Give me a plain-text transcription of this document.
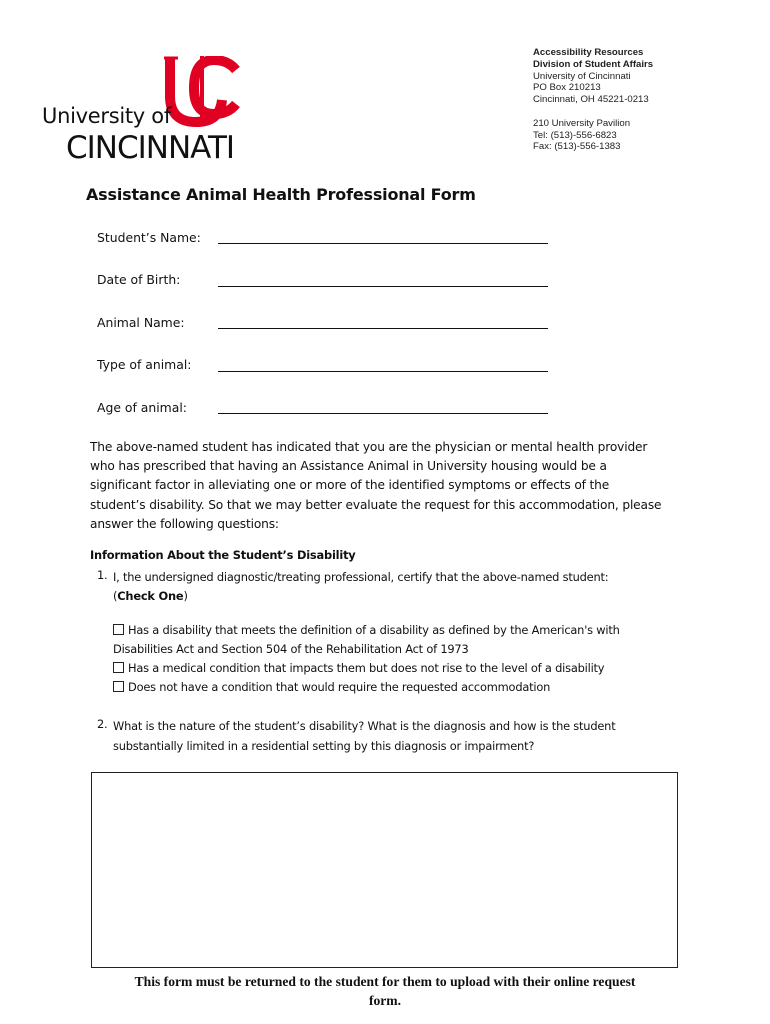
University of
CINCINNATI
Accessibility Resources
Division of Student Affairs
University of Cincinnati
PO Box 210213
Cincinnati, OH 45221-0213
210 University Pavilion
Tel: (513)-556-6823
Fax: (513)-556-1383
Assistance Animal Health Professional Form
Student’s Name:
Date of Birth:
Animal Name:
Type of animal:
Age of animal:
The above-named student has indicated that you are the physician or mental health provider
who has prescribed that having an Assistance Animal in University housing would be a
significant factor in alleviating one or more of the identified symptoms or effects of the
student’s disability. So that we may better evaluate the request for this accommodation, please
answer the following questions:
Information About the Student’s Disability
1. I, the undersigned diagnostic/treating professional, certify that the above-named student:
(Check One)
Has a disability that meets the definition of a disability as defined by the American's with
Disabilities Act and Section 504 of the Rehabilitation Act of 1973
Has a medical condition that impacts them but does not rise to the level of a disability
Does not have a condition that would require the requested accommodation
2. What is the nature of the student’s disability? What is the diagnosis and how is the student
substantially limited in a residential setting by this diagnosis or impairment?
This form must be returned to the student for them to upload with their online request
form.
